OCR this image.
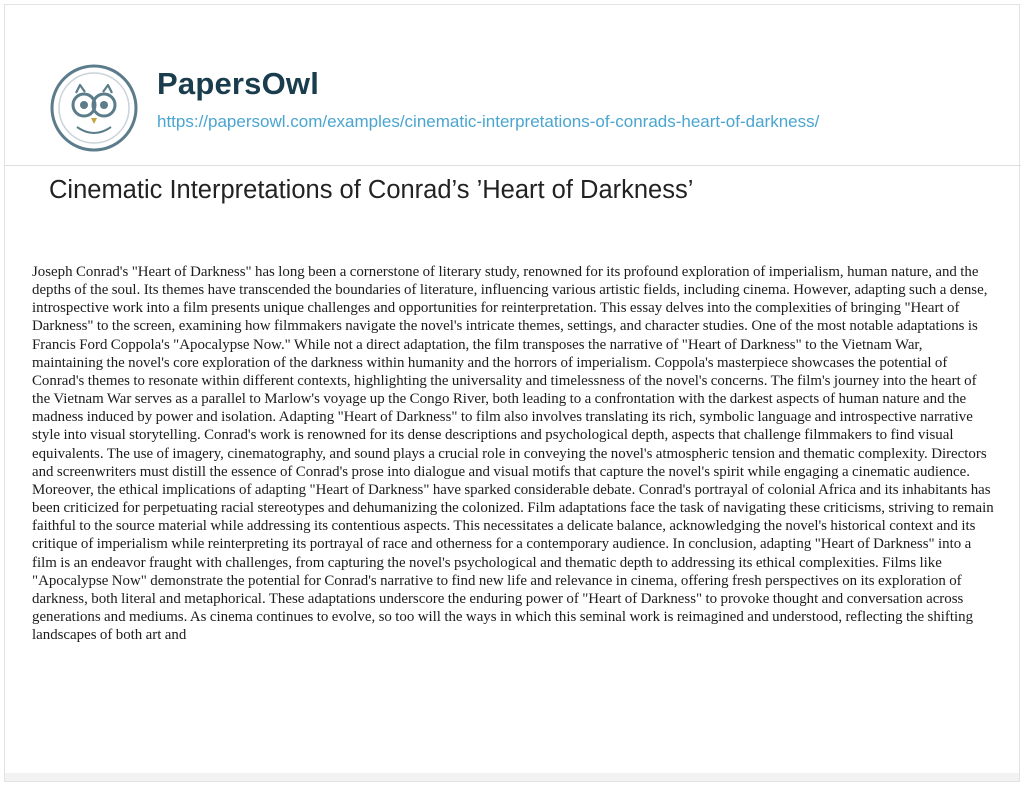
PapersOwl
https://papersowl.com/examples/cinematic-interpretations-of-conrads-heart-of-darkness/
Cinematic Interpretations of Conrad’s ’Heart of Darkness’

Joseph Conrad's "Heart of Darkness" has long been a cornerstone of literary study, renowned for its profound exploration of imperialism, human nature, and the depths of the soul. Its themes have transcended the boundaries of literature, influencing various artistic fields, including cinema. However, adapting such a dense, introspective work into a film presents unique challenges and opportunities for reinterpretation. This essay delves into the complexities of bringing "Heart of Darkness" to the screen, examining how filmmakers navigate the novel's intricate themes, settings, and character studies. One of the most notable adaptations is Francis Ford Coppola's "Apocalypse Now." While not a direct adaptation, the film transposes the narrative of "Heart of Darkness" to the Vietnam War, maintaining the novel's core exploration of the darkness within humanity and the horrors of imperialism. Coppola's masterpiece showcases the potential of Conrad's themes to resonate within different contexts, highlighting the universality and timelessness of the novel's concerns. The film's journey into the heart of the Vietnam War serves as a parallel to Marlow's voyage up the Congo River, both leading to a confrontation with the darkest aspects of human nature and the madness induced by power and isolation. Adapting "Heart of Darkness" to film also involves translating its rich, symbolic language and introspective narrative style into visual storytelling. Conrad's work is renowned for its dense descriptions and psychological depth, aspects that challenge filmmakers to find visual equivalents. The use of imagery, cinematography, and sound plays a crucial role in conveying the novel's atmospheric tension and thematic complexity. Directors and screenwriters must distill the essence of Conrad's prose into dialogue and visual motifs that capture the novel's spirit while engaging a cinematic audience. Moreover, the ethical implications of adapting "Heart of Darkness" have sparked considerable debate. Conrad's portrayal of colonial Africa and its inhabitants has been criticized for perpetuating racial stereotypes and dehumanizing the colonized. Film adaptations face the task of navigating these criticisms, striving to remain faithful to the source material while addressing its contentious aspects. This necessitates a delicate balance, acknowledging the novel's historical context and its critique of imperialism while reinterpreting its portrayal of race and otherness for a contemporary audience. In conclusion, adapting "Heart of Darkness" into a film is an endeavor fraught with challenges, from capturing the novel's psychological and thematic depth to addressing its ethical complexities. Films like "Apocalypse Now" demonstrate the potential for Conrad's narrative to find new life and relevance in cinema, offering fresh perspectives on its exploration of darkness, both literal and metaphorical. These adaptations underscore the enduring power of "Heart of Darkness" to provoke thought and conversation across generations and mediums. As cinema continues to evolve, so too will the ways in which this seminal work is reimagined and understood, reflecting the shifting landscapes of both art and
